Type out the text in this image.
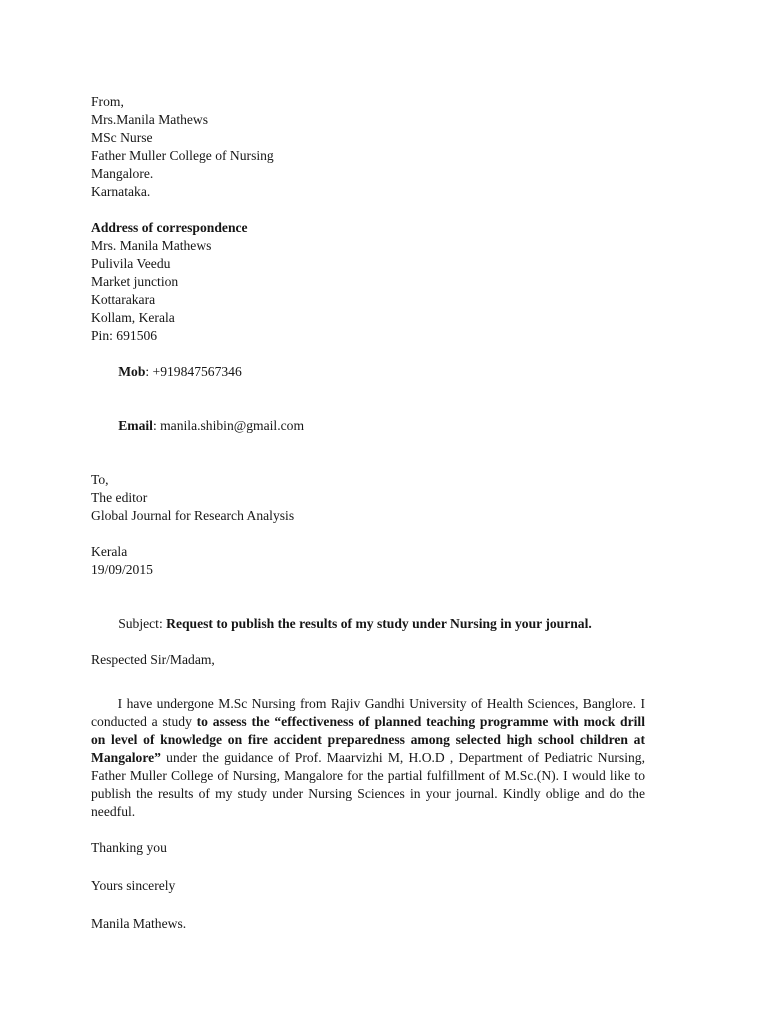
From,
Mrs.Manila Mathews
MSc Nurse
Father Muller College of Nursing
Mangalore.
Karnataka.
Address of correspondence
Mrs. Manila Mathews
Pulivila Veedu
Market junction
Kottarakara
Kollam, Kerala
Pin: 691506

Mob: +919847567346

Email: manila.shibin@gmail.com

To,
The editor
Global Journal for Research Analysis
Kerala
19/09/2015

Subject: Request to publish the results of my study under Nursing in your journal.

Respected Sir/Madam,

I have undergone M.Sc Nursing from Rajiv Gandhi University of Health Sciences, Banglore. I conducted a study to assess the “effectiveness of planned teaching programme with mock drill on level of knowledge on fire accident preparedness among selected high school children at Mangalore” under the guidance of Prof. Maarvizhi M, H.O.D , Department of Pediatric Nursing, Father Muller College of Nursing, Mangalore for the partial fulfillment of M.Sc.(N). I would like to publish the results of my study under Nursing Sciences in your journal. Kindly oblige and do the needful.

Thanking you
Yours sincerely
Manila Mathews.
